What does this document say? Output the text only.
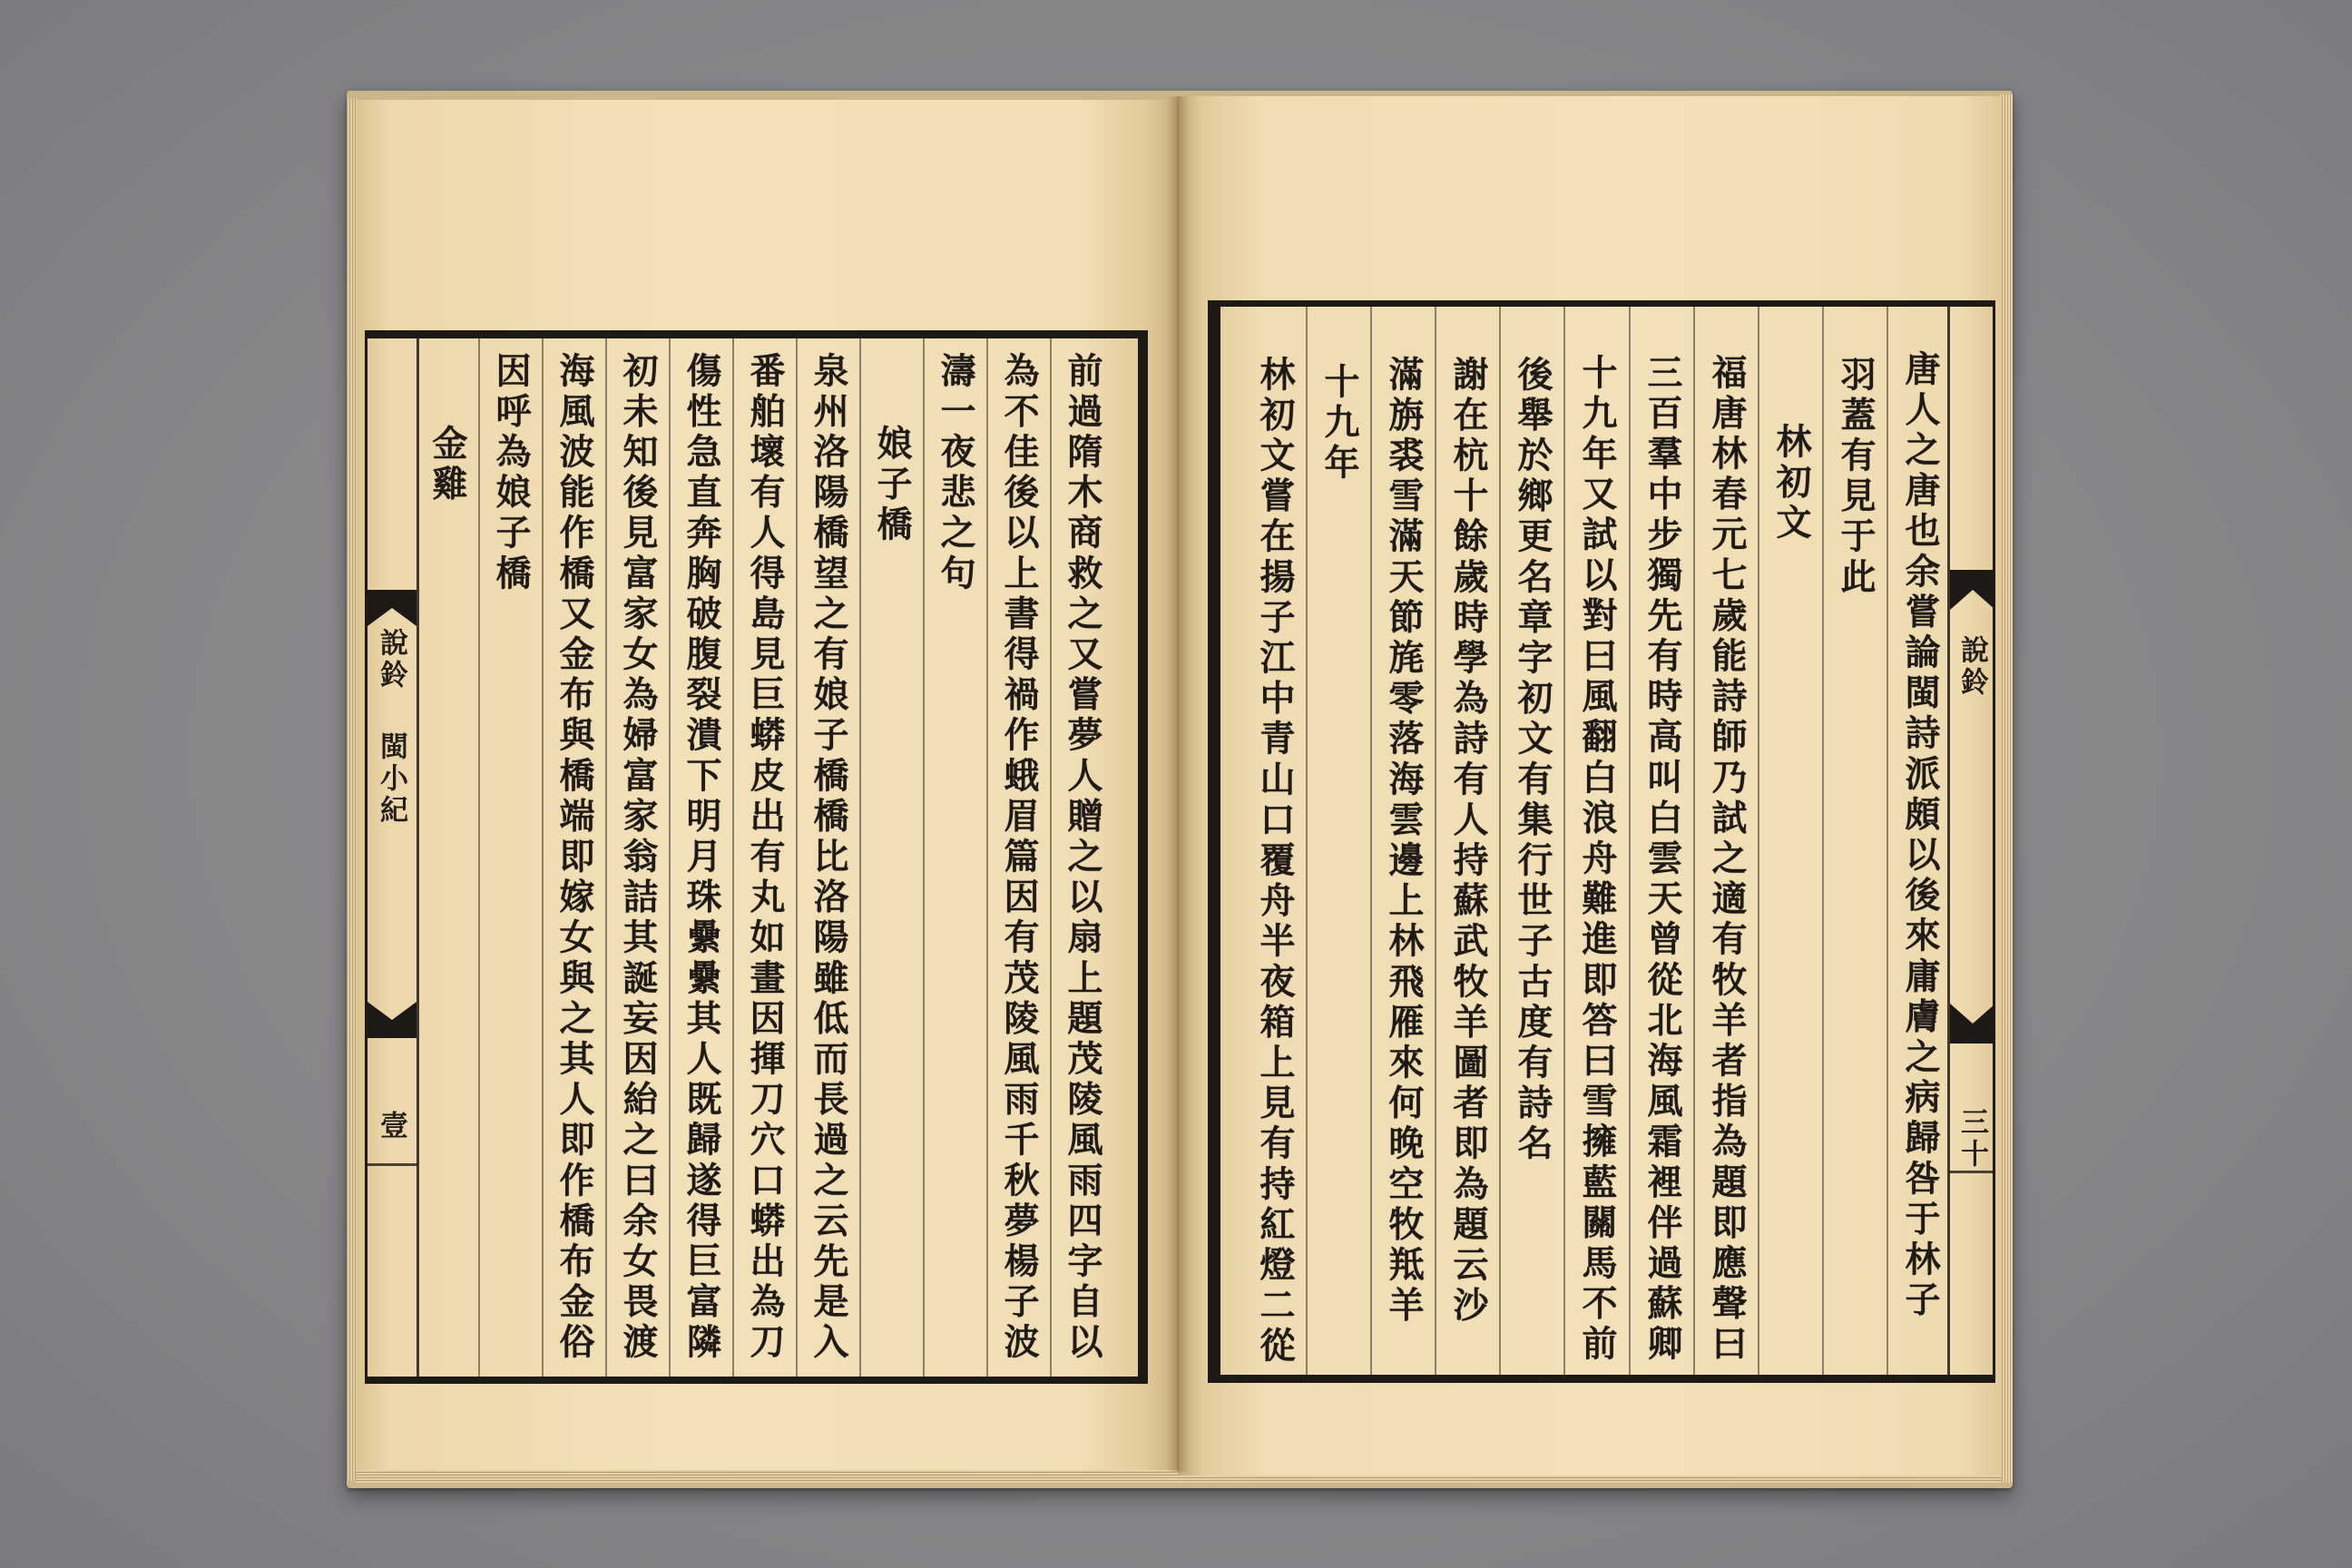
說鈴
閩小紀
壹	前過隋木商救之又嘗夢人贈之以扇上題茂陵風雨四字自以
為不佳後以上書得禍作蛾眉篇因有茂陵風雨千秋夢楊子波
濤一夜悲之句
娘子橋
泉州洛陽橋望之有娘子橋橋比洛陽雖低而長過之云先是入
番舶壞有人得島見巨蟒皮出有丸如畫因揮刀穴口蟒出為刀
傷性急直奔胸破腹裂潰下明月珠纍纍其人既歸遂得巨富隣
初未知後見富家女為婦富家翁詰其誕妄因紿之曰余女畏渡
海風波能作橋又金布與橋端即嫁女與之其人即作橋布金俗
因呼為娘子橋
金雞
說鈴
三十
唐人之唐也余嘗論閩詩派頗以後來庸膚之病歸咎于林子
羽蓋有見于此
林初文
福唐林春元七歲能詩師乃試之適有牧羊者指為題即應聲曰
三百羣中步獨先有時高叫白雲天曾從北海風霜裡伴過蘇卿
十九年又試以對曰風翻白浪舟難進即答曰雪擁藍關馬不前
後舉於鄉更名章字初文有集行世子古度有詩名
謝在杭十餘歲時學為詩有人持蘇武牧羊圖者即為題云沙
滿旃裘雪滿天節旄零落海雲邊上林飛雁來何晚空牧羝羊
十九年
林初文嘗在揚子江中青山口覆舟半夜箱上見有持紅燈二從
